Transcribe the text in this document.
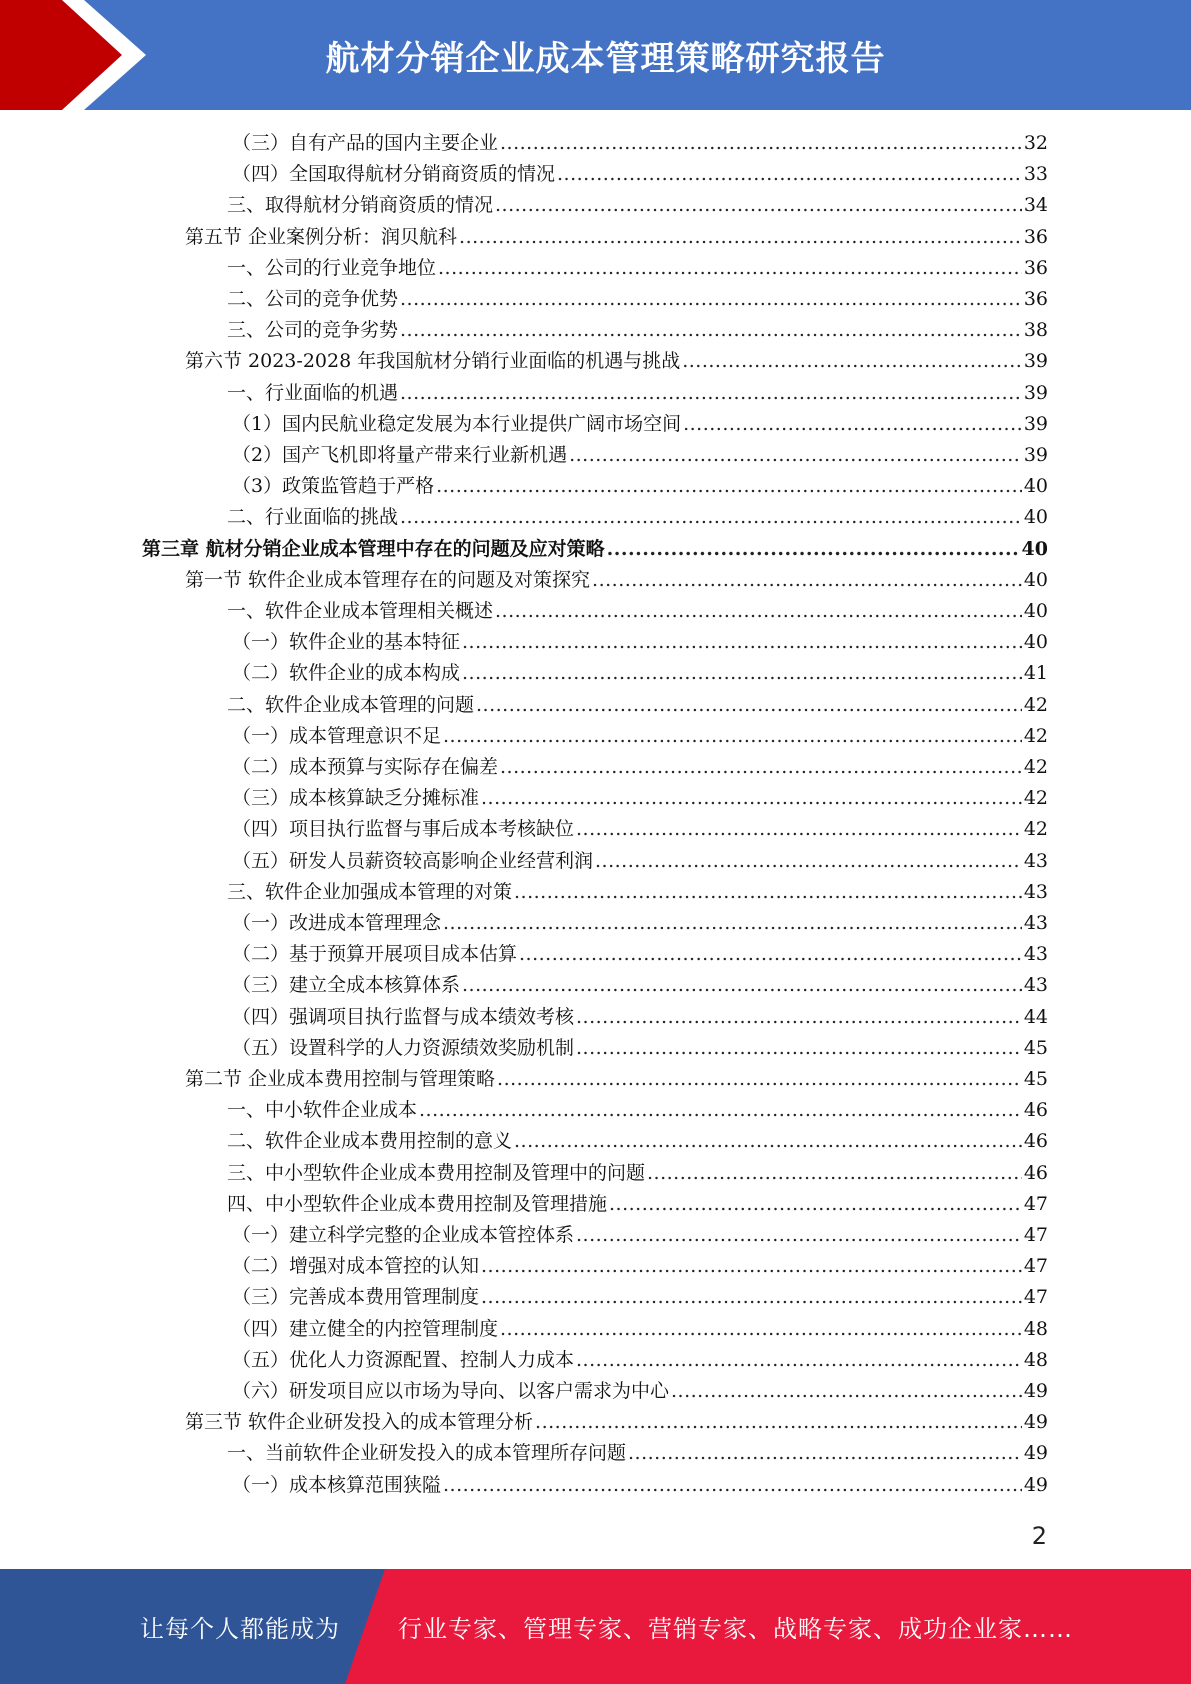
航材分销企业成本管理策略研究报告
（三）自有产品的国内主要企业 .....	32
（四）全国取得航材分销商资质的情况 .....	33
三、取得航材分销商资质的情况 .....	34
第五节 企业案例分析：润贝航科 .....	36
一、公司的行业竞争地位 .....	36
二、公司的竞争优势 .....	36
三、公司的竞争劣势 .....	38
第六节 2023-2028 年我国航材分销行业面临的机遇与挑战 .....	39
一、行业面临的机遇 .....	39
（1）国内民航业稳定发展为本行业提供广阔市场空间 .....	39
（2）国产飞机即将量产带来行业新机遇 .....	39
（3）政策监管趋于严格 .....	40
二、行业面临的挑战 .....	40
第三章 航材分销企业成本管理中存在的问题及应对策略 .....	40
第一节 软件企业成本管理存在的问题及对策探究 .....	40
一、软件企业成本管理相关概述 .....	40
（一）软件企业的基本特征 .....	40
（二）软件企业的成本构成 .....	41
二、软件企业成本管理的问题 .....	42
（一）成本管理意识不足 .....	42
（二）成本预算与实际存在偏差 .....	42
（三）成本核算缺乏分摊标准 .....	42
（四）项目执行监督与事后成本考核缺位 .....	42
（五）研发人员薪资较高影响企业经营利润 .....	43
三、软件企业加强成本管理的对策 .....	43
（一）改进成本管理理念 .....	43
（二）基于预算开展项目成本估算 .....	43
（三）建立全成本核算体系 .....	43
（四）强调项目执行监督与成本绩效考核 .....	44
（五）设置科学的人力资源绩效奖励机制 .....	45
第二节 企业成本费用控制与管理策略 .....	45
一、中小软件企业成本 .....	46
二、软件企业成本费用控制的意义 .....	46
三、中小型软件企业成本费用控制及管理中的问题 .....	46
四、中小型软件企业成本费用控制及管理措施 .....	47
（一）建立科学完整的企业成本管控体系 .....	47
（二）增强对成本管控的认知 .....	47
（三）完善成本费用管理制度 .....	47
（四）建立健全的内控管理制度 .....	48
（五）优化人力资源配置、控制人力成本 .....	48
（六）研发项目应以市场为导向、以客户需求为中心 .....	49
第三节 软件企业研发投入的成本管理分析 .....	49
一、当前软件企业研发投入的成本管理所存问题 .....	49
（一）成本核算范围狭隘 .....	49
2
让每个人都能成为 行业专家、管理专家、营销专家、战略专家、成功企业家……
